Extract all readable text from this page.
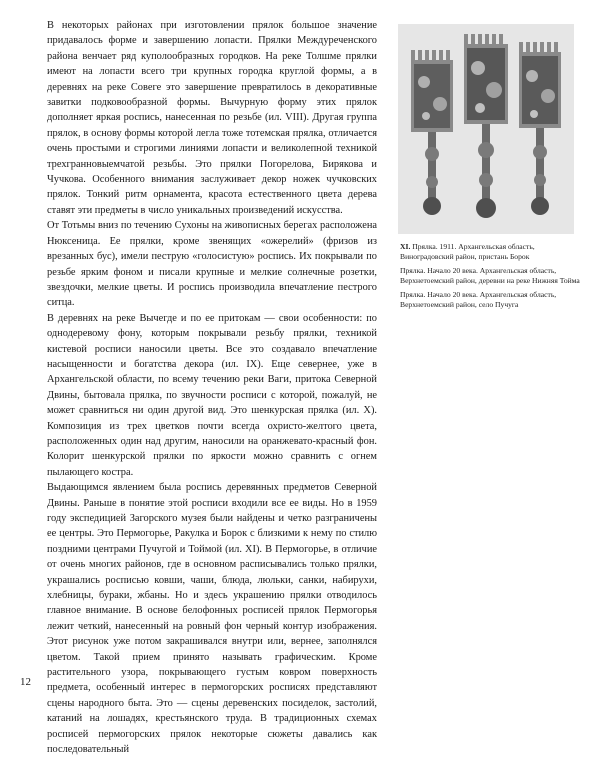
В некоторых районах при изготовлении прялок большое значение придавалось форме и завершению лопасти. Прялки Междуреченского района венчает ряд куполообразных городков. На реке Толшме прялки имеют на лопасти всего три крупных городка круглой формы, а в деревнях на реке Совеге это завершение превратилось в декоративные завитки подковообразной формы. Вычурную форму этих прялок дополняет яркая роспись, нанесенная по резьбе (ил. VIII). Другая группа прялок, в основу формы которой легла тоже тотемская прялка, отличается очень простыми и строгими линиями лопасти и великолепной техникой трехгранновыемчатой резьбы. Это прялки Погорелова, Бирякова и Чучкова. Особенного внимания заслуживает декор ножек чучковских прялок. Тонкий ритм орнамента, красота естественного цвета дерева ставят эти предметы в число уникальных произведений искусства.

От Тотьмы вниз по течению Сухоны на живописных берегах расположена Нюксеница. Ее прялки, кроме звенящих «ожерелий» (фризов из врезанных бус), имели пеструю «голосистую» роспись. Их покрывали по резьбе ярким фоном и писали крупные и мелкие солнечные розетки, звездочки, мелкие цветы. И роспись производила впечатление пестрого ситца.

В деревнях на реке Вычегде и по ее притокам — свои особенности: по однодеревому фону, которым покрывали резьбу прялки, техникой кистевой росписи наносили цветы. Все это создавало впечатление насыщенности и богатства декора (ил. IX). Еще севернее, уже в Архангельской области, по всему течению реки Ваги, притока Северной Двины, бытовала прялка, по звучности росписи с которой, пожалуй, не может сравниться ни один другой вид. Это шенкурская прялка (ил. X). Композиция из трех цветков почти всегда охристо-желтого цвета, расположенных один над другим, наносили на оранжевато-красный фон. Колорит шенкурской прялки по яркости можно сравнить с огнем пылающего костра.

Выдающимся явлением была роспись деревянных предметов Северной Двины. Раньше в понятие этой росписи входили все ее виды. Но в 1959 году экспедицией Загорского музея были найдены и четко разграничены ее центры. Это Пермогорье, Ракулка и Борок с близкими к нему по стилю поздними центрами Пучугой и Тоймой (ил. XI). В Пермогорье, в отличие от очень многих районов, где в основном расписывались только прялки, украшались росписью ковши, чаши, блюда, люльки, санки, набирухи, хлебницы, бураки, жбаны. Но и здесь украшению прялки отводилось главное внимание. В основе белофонных росписей прялок Пермогорья лежит четкий, нанесенный на ровный фон черный контур изображения. Этот рисунок уже потом закрашивался внутри или, вернее, заполнялся цветом. Такой прием принято называть графическим. Кроме растительного узора, покрывающего густым ковром поверхность предмета, особенный интерес в пермогорских росписях представляют сцены народного быта. Это — сцены деревенских посиделок, застолий, катаний на лошадях, крестьянского труда. В традиционных схемах росписей пермогорских прялок некоторые сюжеты давались как последовательный

12

XI. Прялка. 1911. Архангельская область, Виноградовский район, пристань Борок

Прялка. Начало 20 века. Архангельская область, Верхнетоемский район, деревни на реке Нижняя Тойма

Прялка. Начало 20 века. Архангельская область, Верхнетоемский район, село Пучуга
